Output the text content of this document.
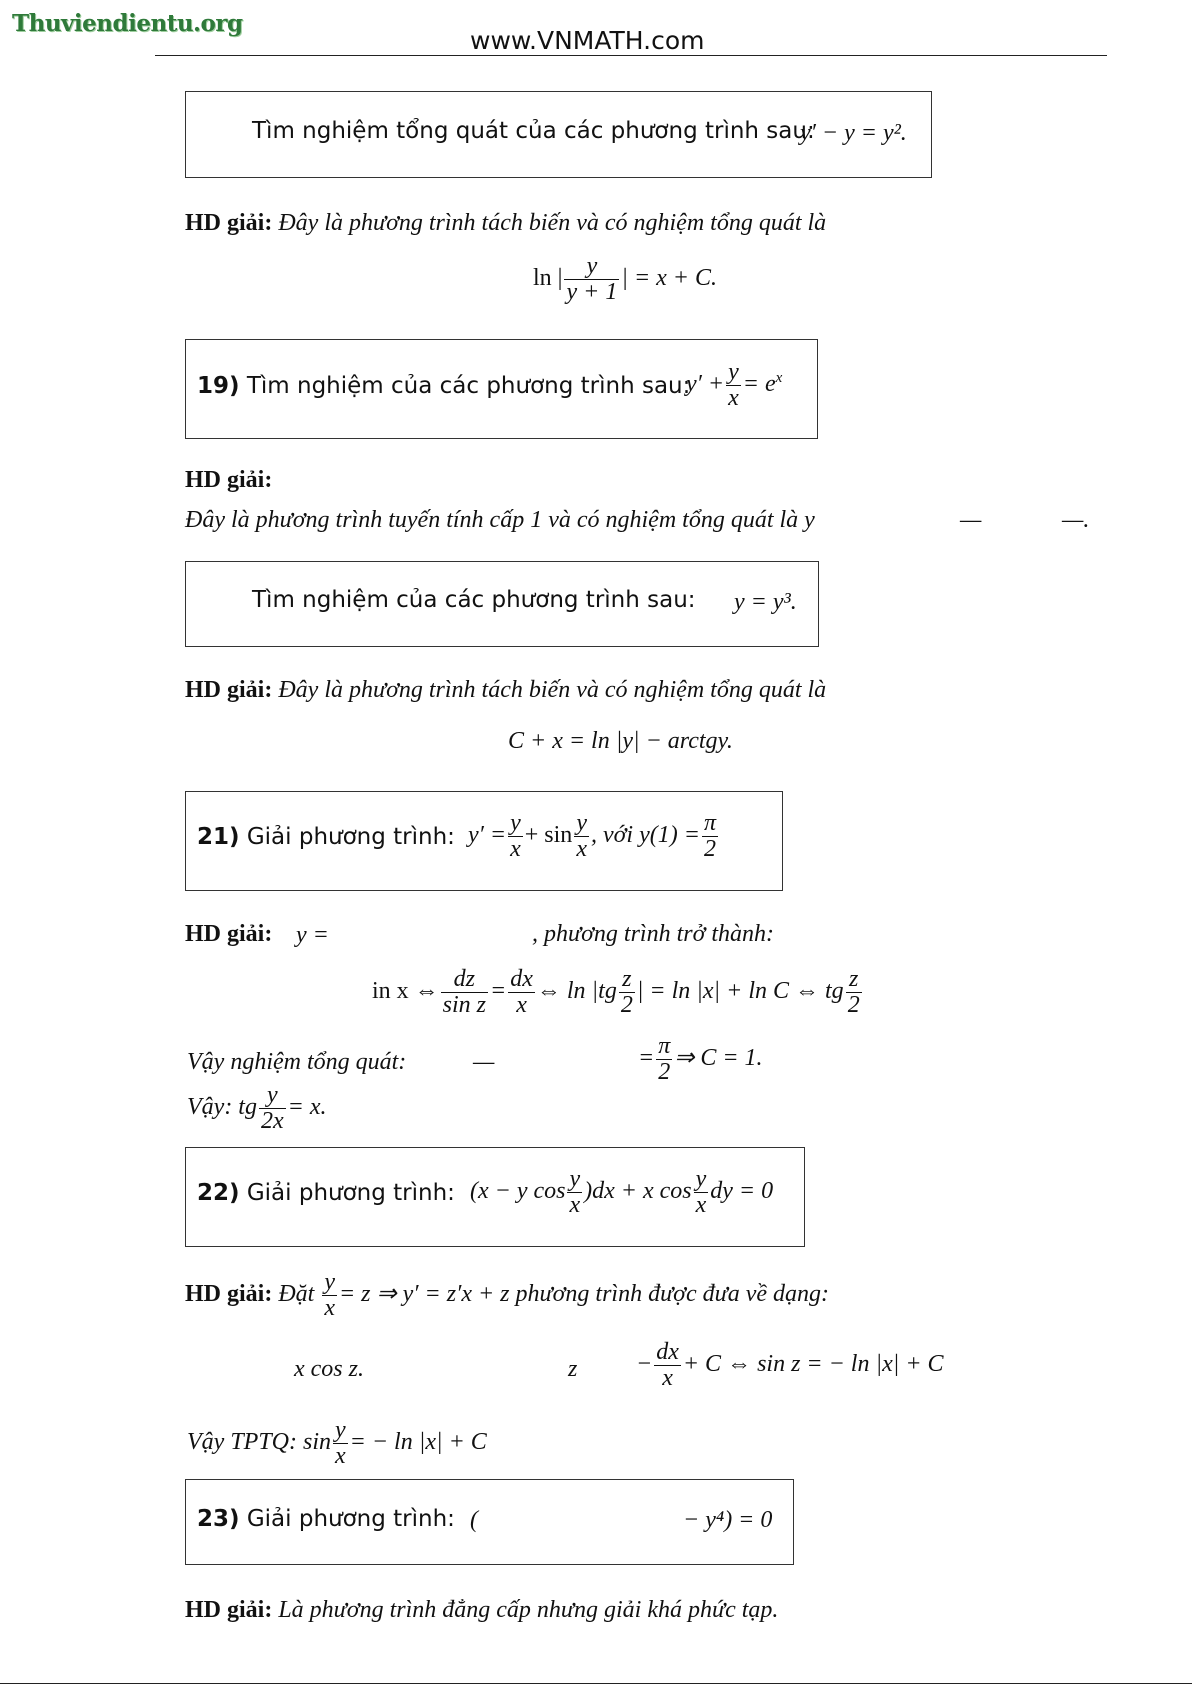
Thuviendientu.org
www.VNMATH.com
Tìm nghiệm tổng quát của các phương trình sau:
y′ − y = y².
HD giải: Đây là phương trình tách biến và có nghiệm tổng quát là
ln | $\frac{y}{y + 1}$ | = x + C.
19) Tìm nghiệm của các phương trình sau:
$y' + \frac{y}{x} = e^x$
HD giải:
Đây là phương trình tuyến tính cấp 1 và có nghiệm tổng quát là y	—	—.
Tìm nghiệm của các phương trình sau: y = y³.
HD giải: Đây là phương trình tách biến và có nghiệm tổng quát là
C + x = ln |y| − arctgy.
21) Giải phương trình: $y' = \frac{y}{x} + \sin \frac{y}{x}$ , với $y(1) = \frac{\pi}{2}$
HD giải: y =	, phương trình trở thành:
in x ⇔ $\frac{dz}{\text{sin z}} = \frac{dx}{x}$ ⇔ $\ln |tg \frac{z}{2}$ | = ln |x| + ln C ⇔ tg $\frac{z}{2}$
Vậy nghiệm tổng quát:	—	= $\frac{\pi}{2}$ ⇒ C = 1.
Vậy: tg $\frac{y}{2x} = x$.
22) Giải phương trình: (x − y $\cos \frac{y}{x} )dx + x$ $\cos \frac{y}{x}$ dy = 0
HD giải: Đặt $\frac{y}{x} = z$ ⇒ y′ = z′x + z phương trình được đưa về dạng:
x cos z.	$z - \frac{dx}{x} + C$ ⇔ sin z = − ln |x| + C
Vậy TPTQ: $\sin \frac{y}{x}$ = − ln |x| + C
23) Giải phương trình: (	− y⁴) = 0
HD giải: Là phương trình đẳng cấp nhưng giải khá phức tạp.
